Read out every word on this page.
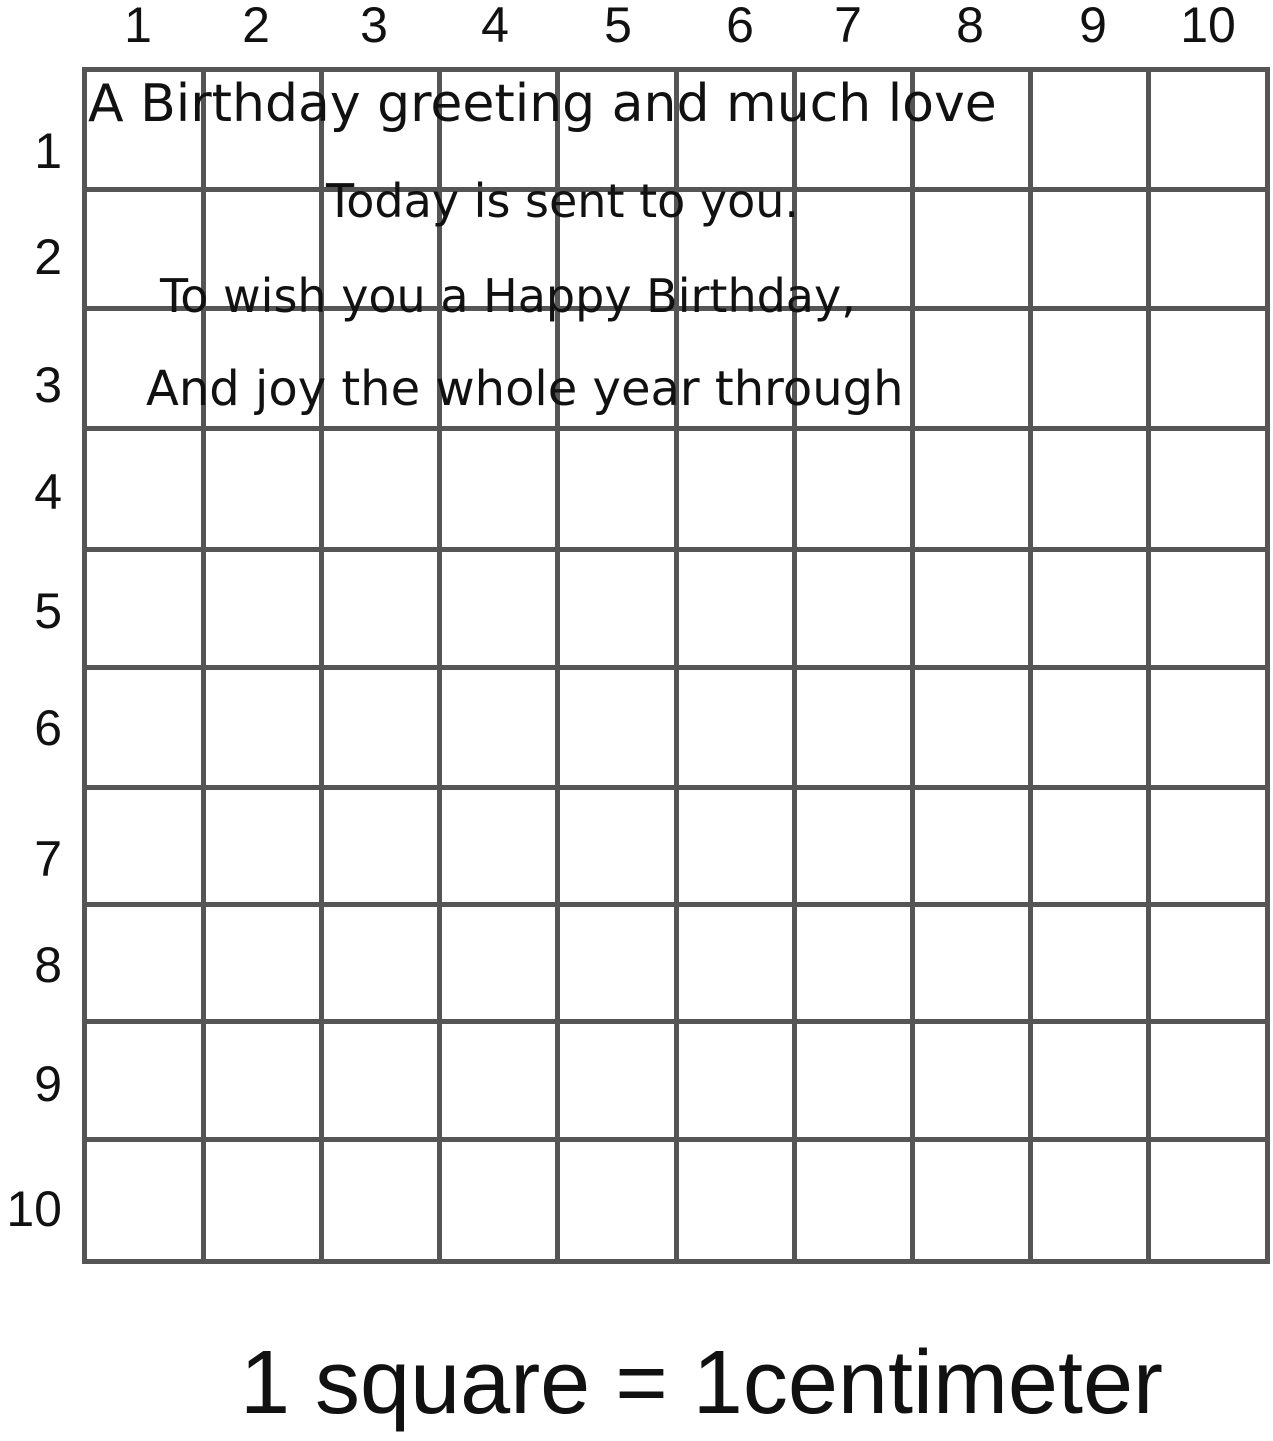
1	2	3	4	5	6	7	8	9	10
1
2
3
4
5
6
7
8
9
10
A Birthday greeting and much love
Today is sent to you.
To wish you a Happy Birthday,
And joy the whole year through
1 square = 1centimeter
